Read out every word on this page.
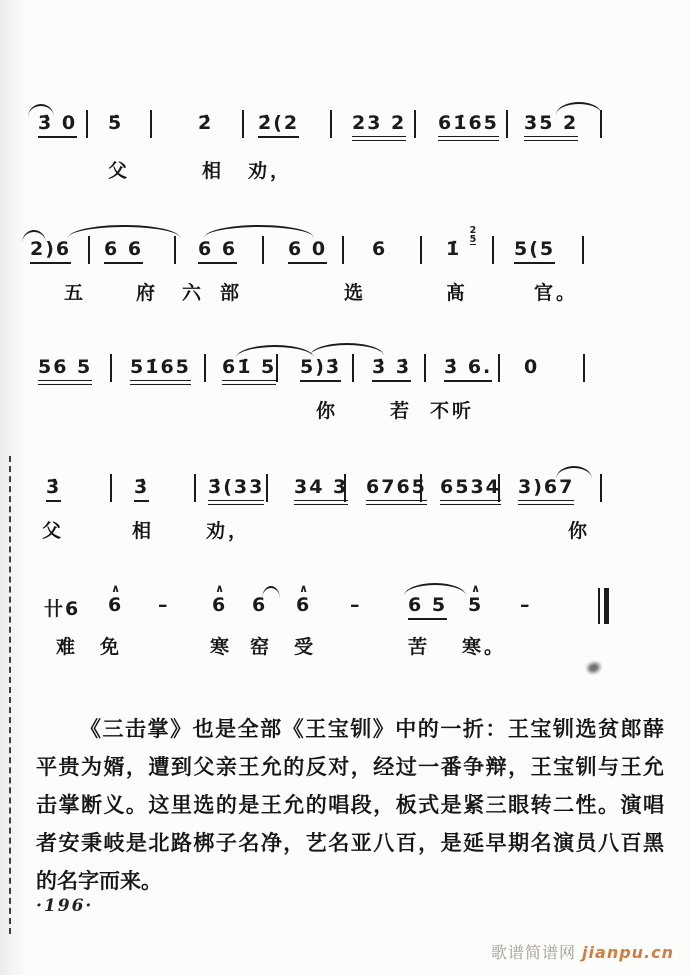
3̇ 0 5̇	2̇ 2̇(2	23 2 61̇65 35 2
父	相 劝，
2)6 6 6	6 6	6 0 6	1̇
2
5 5(5
五	府 六 部	选	髙	官。
56 5 51̇65 61̇ 5 5)3̇ 3̇ 3̇ 3̇ 6. 0
你	若 不听
3̇	3̇	3̇(33 34 3 6765 6534 3)67
父	相	劝，	你
卄6 6
∧
– 6
∧
6 6
∧
– 6 5 5
∧
–
难 免	寒 窑 受	苦 寒。
《三击掌》也是全部《王宝钏》中的一折：王宝钏选贫郎薛
平贵为婿，遭到父亲王允的反对，经过一番争辩，王宝钏与王允
击掌断义。这里选的是王允的唱段，板式是紧三眼转二性。演唱
者安秉岐是北路梆子名净，艺名亚八百，是延早期名演员八百黑
的名字而来。
·196·
歌谱简谱网 jianpu.cn
